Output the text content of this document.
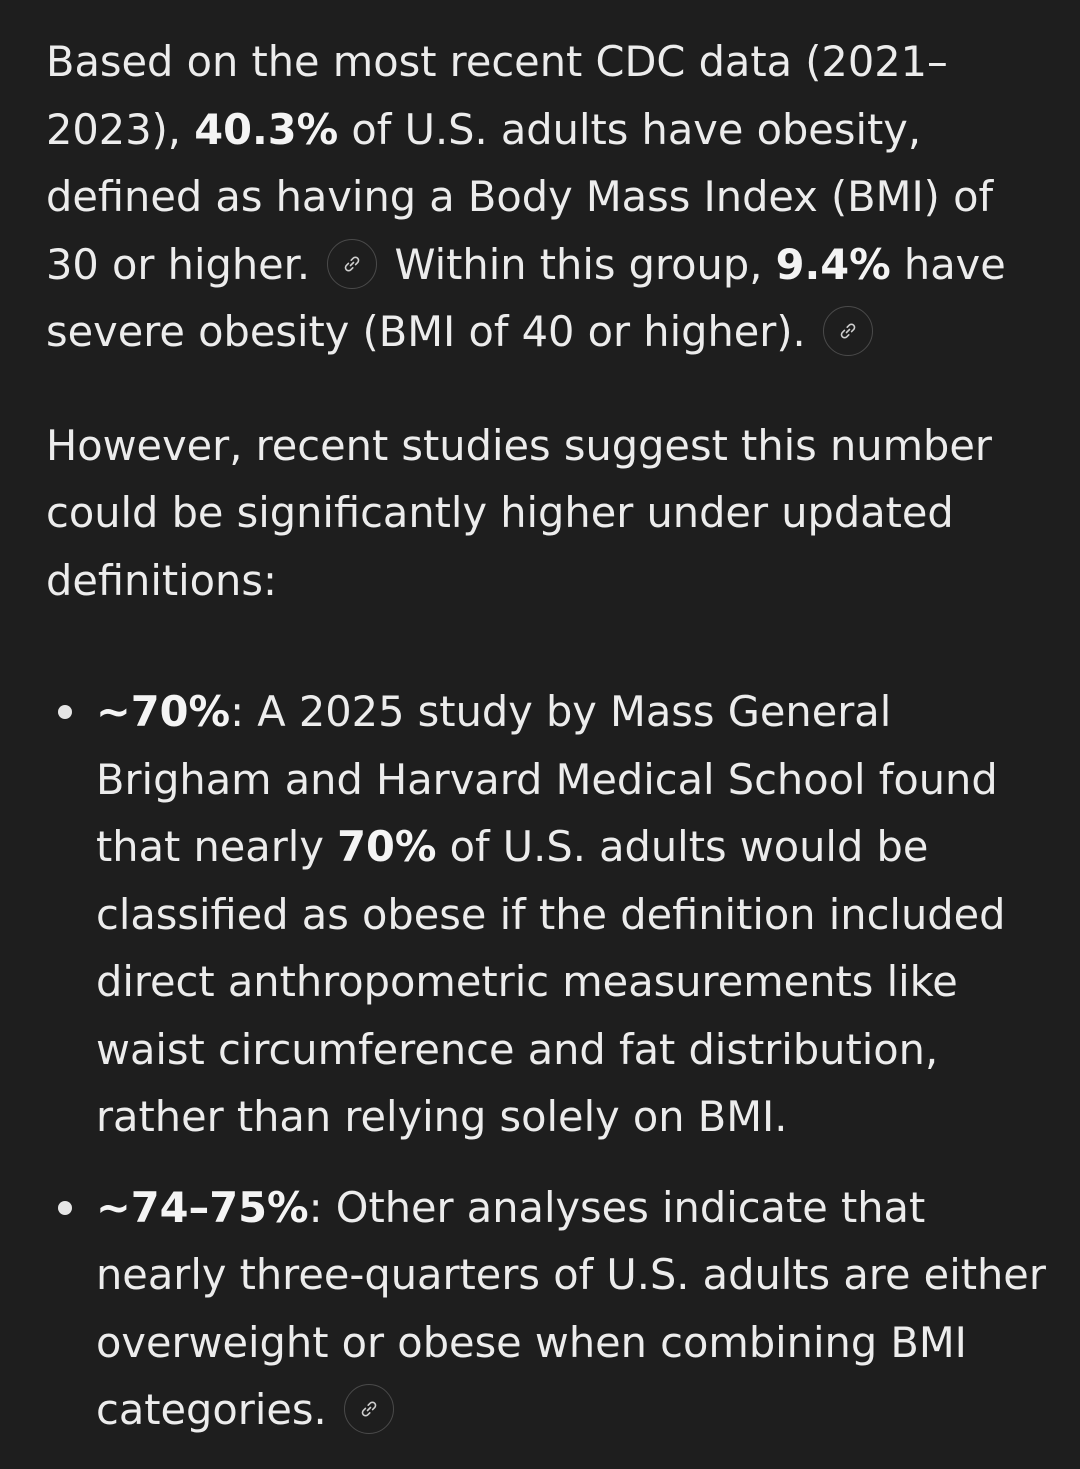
Based on the most recent CDC data (2021–2023), 40.3% of U.S. adults have obesity, defined as having a Body Mass Index (BMI) of 30 or higher.
Within this group, 9.4% have severe obesity (BMI of 40 or higher).

However, recent studies suggest this number could be significantly higher under updated definitions:

~70%: A 2025 study by Mass General Brigham and Harvard Medical School found that nearly 70% of U.S. adults would be classified as obese if the definition included direct anthropometric measurements like waist circumference and fat distribution, rather than relying solely on BMI.
~74–75%: Other analyses indicate that nearly three-quarters of U.S. adults are either overweight or obese when combining BMI categories.
